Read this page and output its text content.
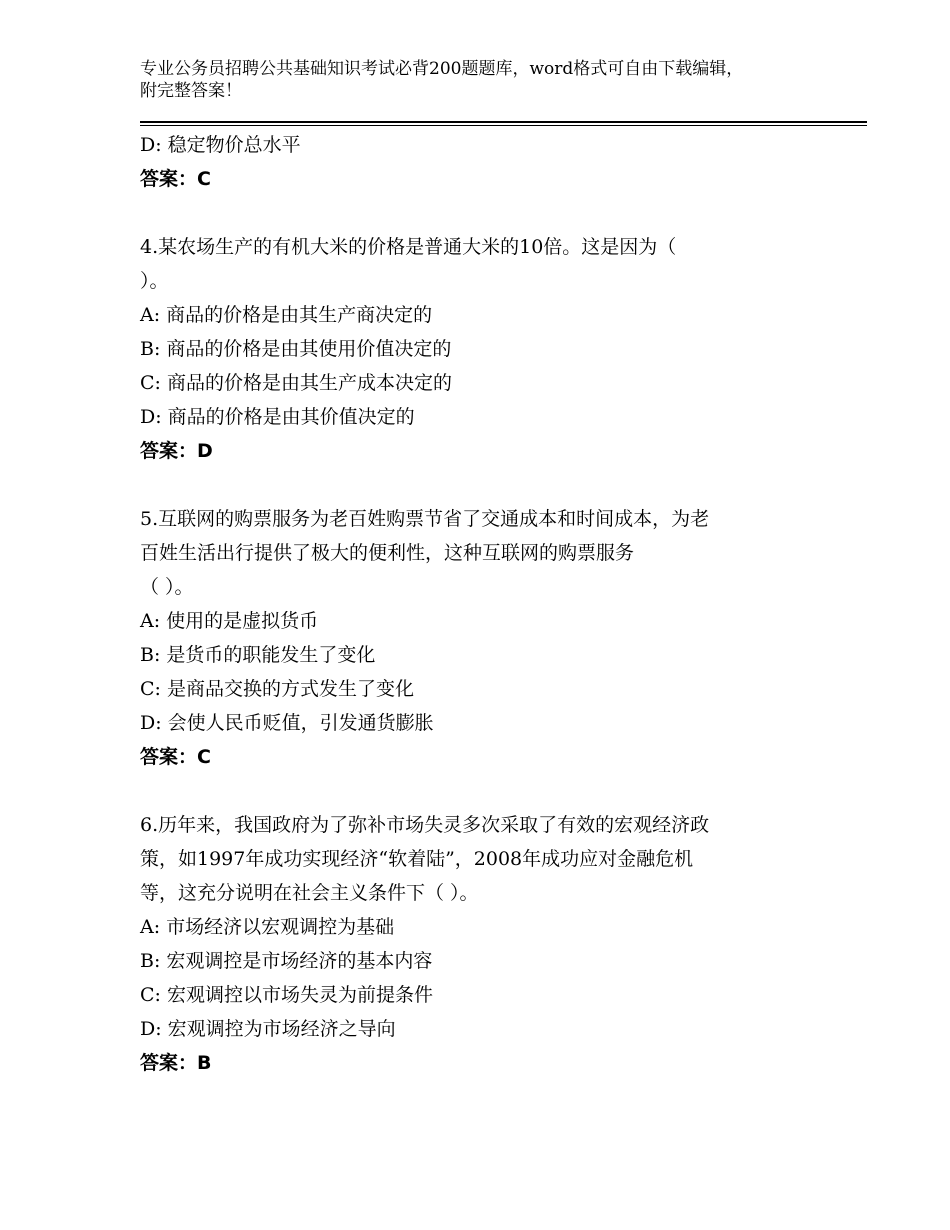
专业公务员招聘公共基础知识考试必背200题题库，word格式可自由下载编辑，
附完整答案！
D: 稳定物价总水平
答案：C
4.某农场生产的有机大米的价格是普通大米的10倍。这是因为（
）。
A: 商品的价格是由其生产商决定的
B: 商品的价格是由其使用价值决定的
C: 商品的价格是由其生产成本决定的
D: 商品的价格是由其价值决定的
答案：D
5.互联网的购票服务为老百姓购票节省了交通成本和时间成本，为老
百姓生活出行提供了极大的便利性，这种互联网的购票服务
（ ）。
A: 使用的是虚拟货币
B: 是货币的职能发生了变化
C: 是商品交换的方式发生了变化
D: 会使人民币贬值，引发通货膨胀
答案：C
6.历年来，我国政府为了弥补市场失灵多次采取了有效的宏观经济政
策，如1997年成功实现经济“软着陆”，2008年成功应对金融危机
等，这充分说明在社会主义条件下（ ）。
A: 市场经济以宏观调控为基础
B: 宏观调控是市场经济的基本内容
C: 宏观调控以市场失灵为前提条件
D: 宏观调控为市场经济之导向
答案：B
